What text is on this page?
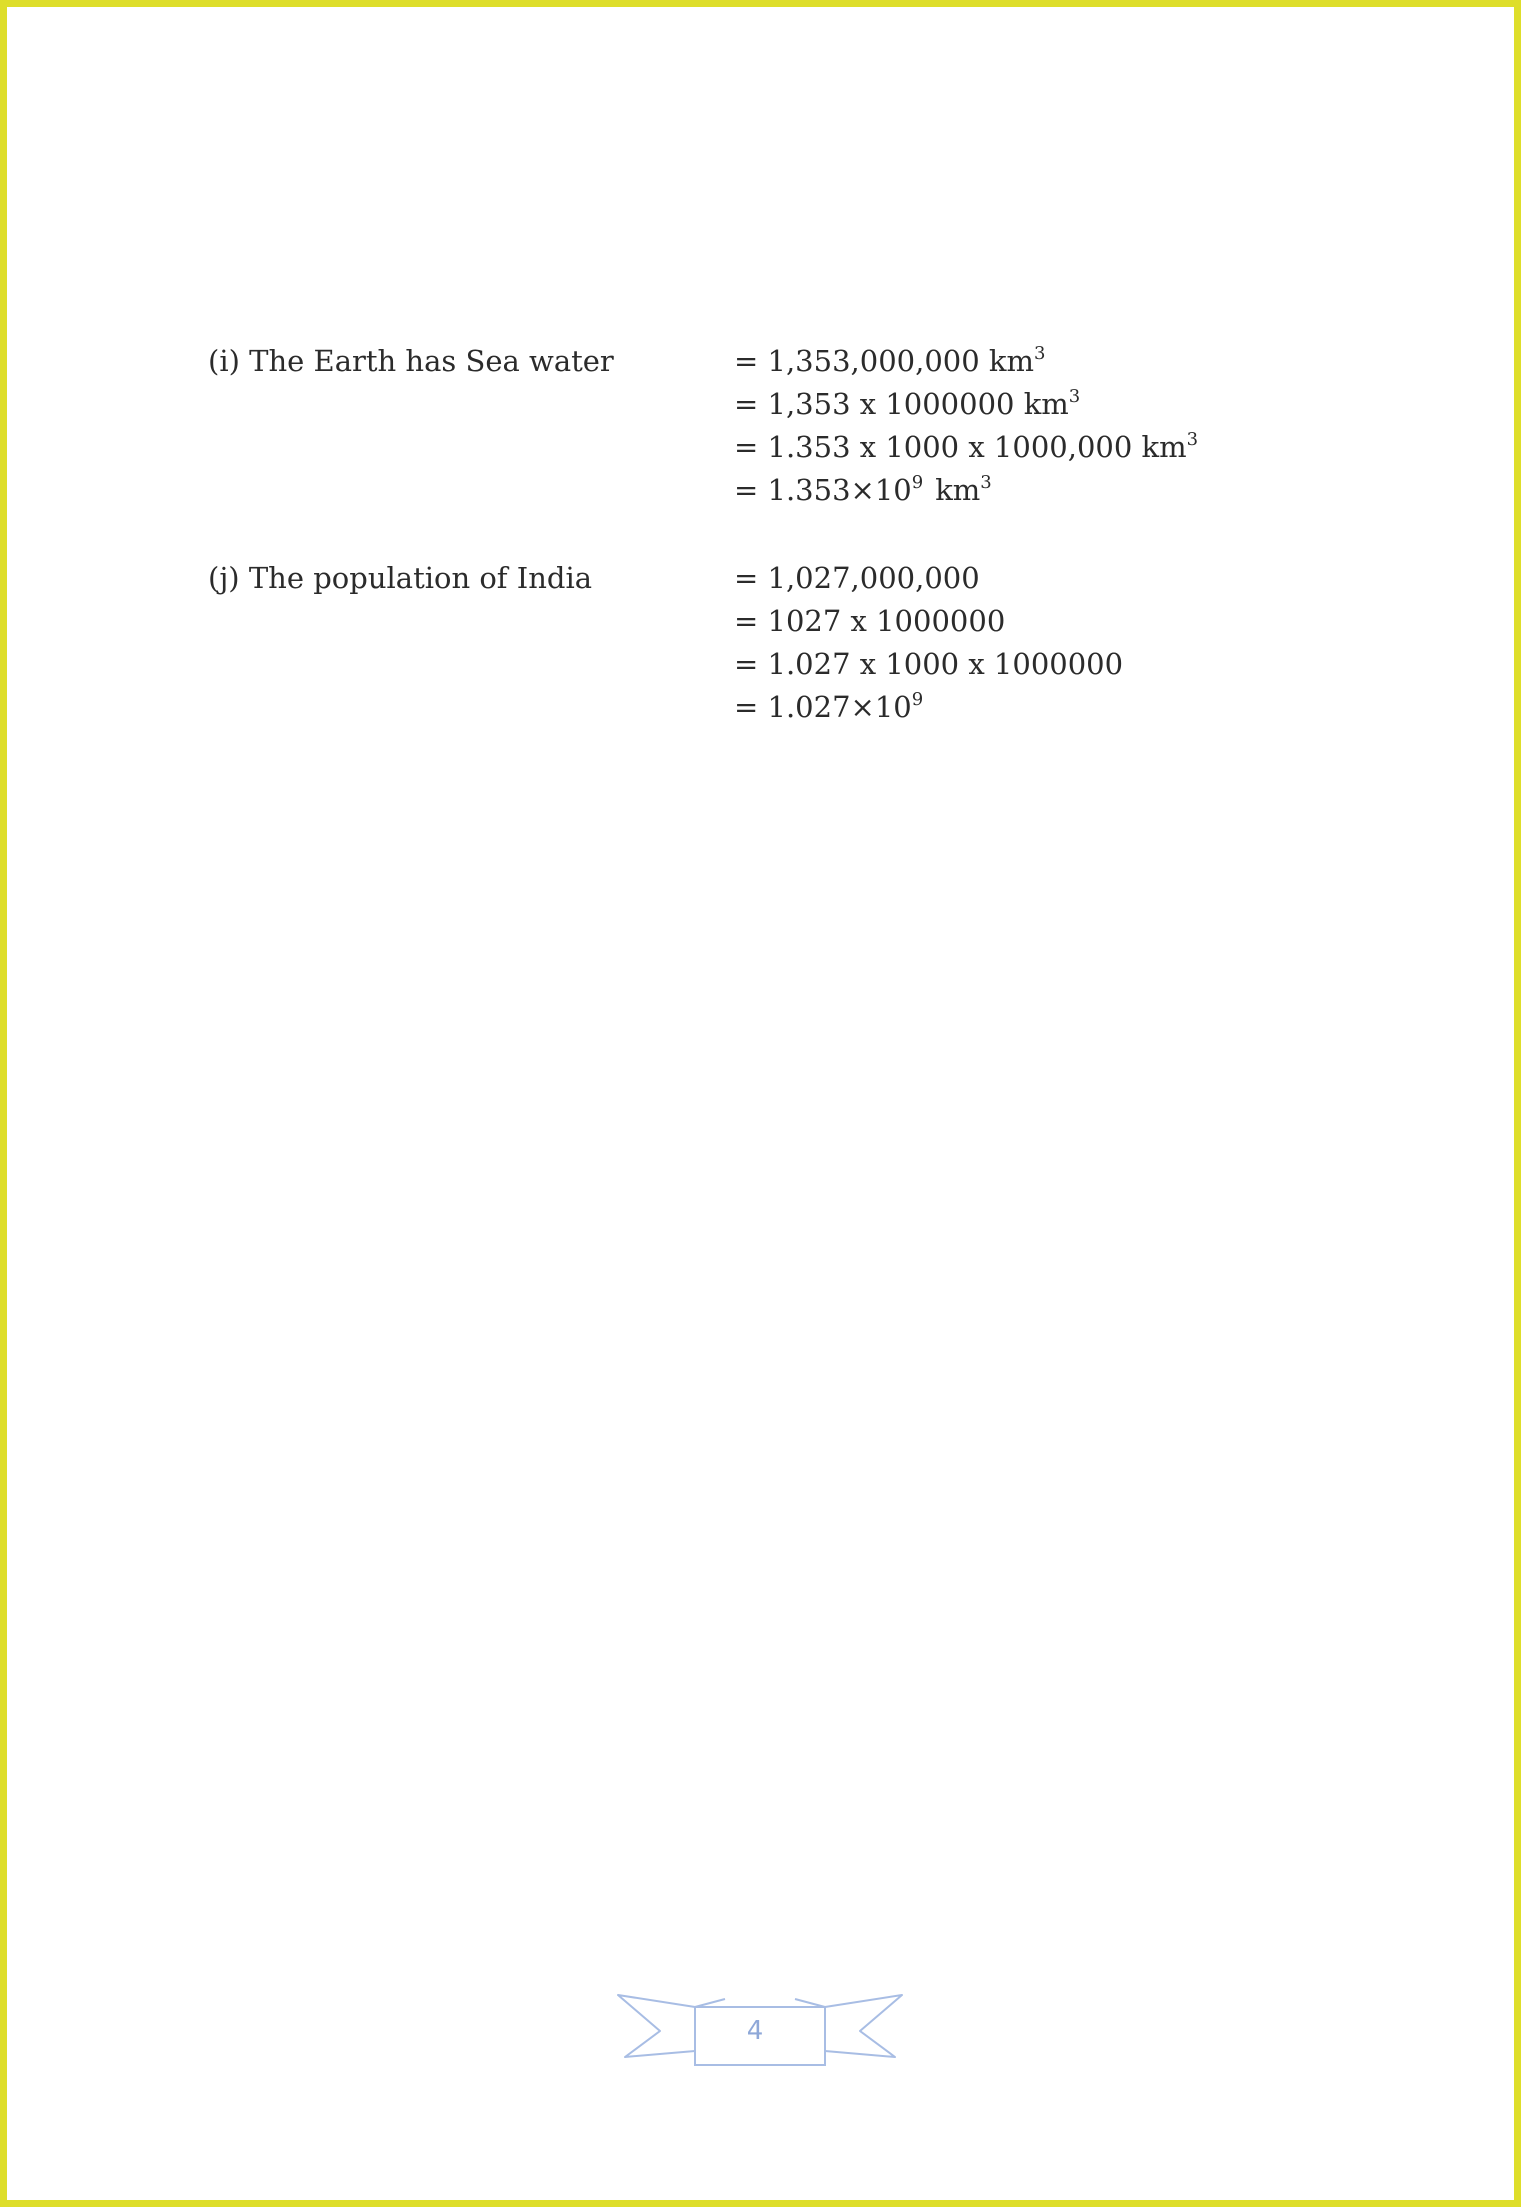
(i) The Earth has Sea water	= 1,353,000,000 $km^3$
= 1,353 x 1000000 $km^3$
= 1.353 x 1000 x 1000,000 $km^3$
= $1.353\times 10^9$ $km^3$
(j) The population of India	= 1,027,000,000
= 1027 x 1000000
= 1.027 x 1000 x 1000000
= $1.027\times 10^9$
4
